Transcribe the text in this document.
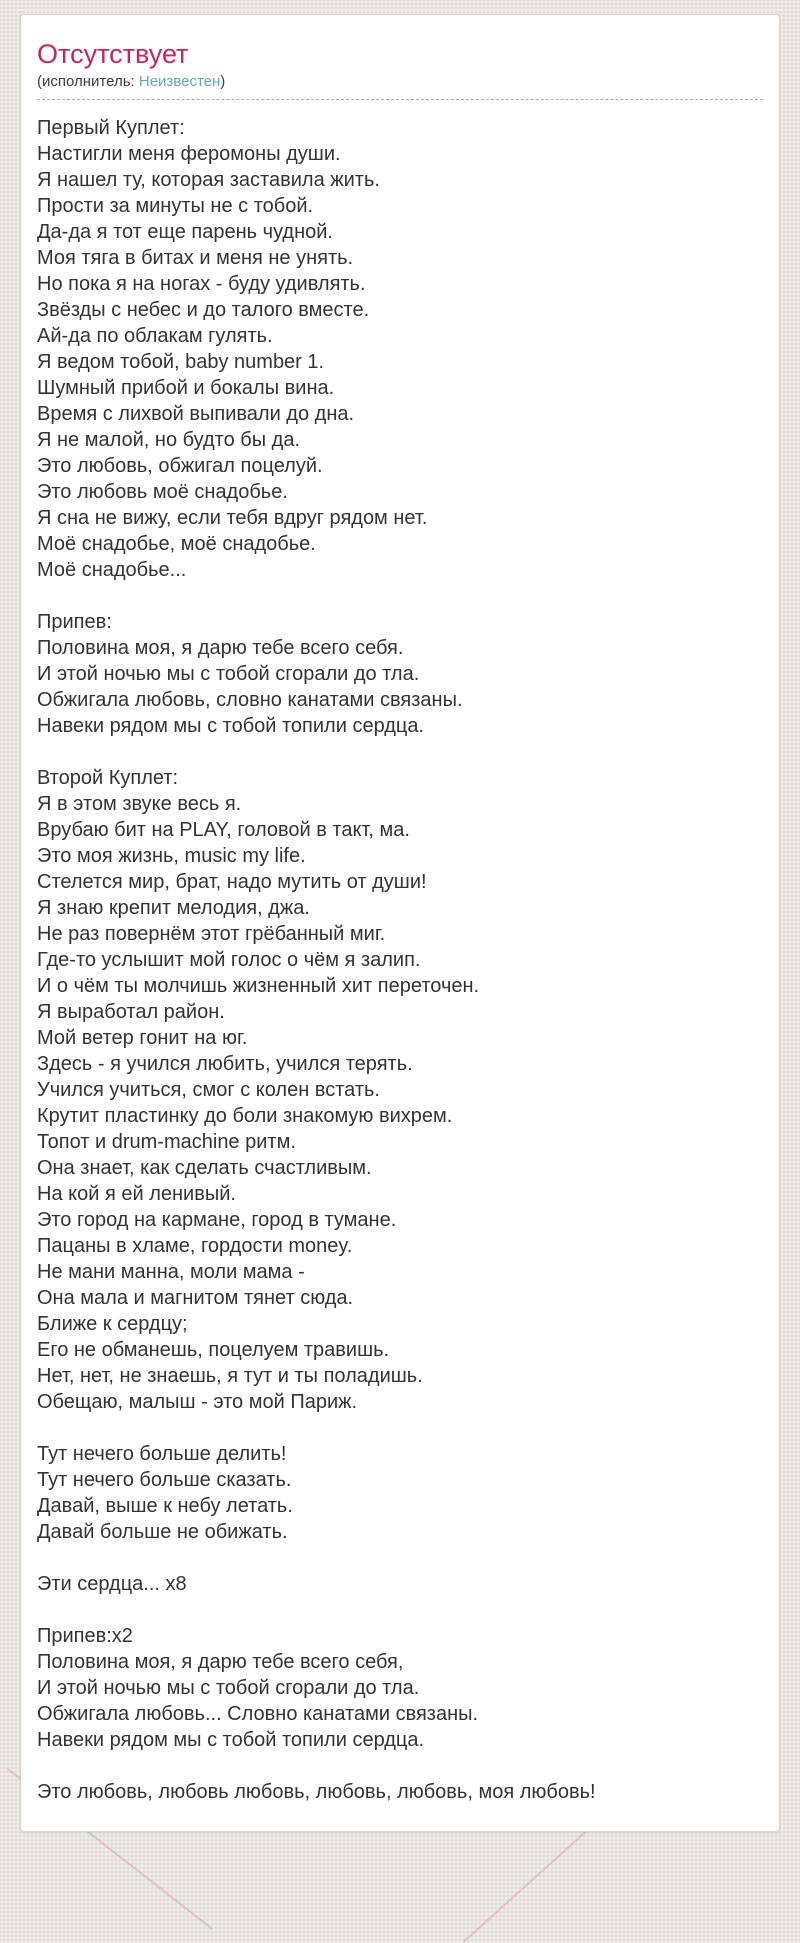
Отсутствует

(исполнитель: Неизвестен)

Первый Куплет:
Настигли меня феромоны души.
Я нашел ту, которая заставила жить.
Прости за минуты не с тобой.
Да-да я тот еще парень чудной.
Моя тяга в битах и меня не унять.
Но пока я на ногах - буду удивлять.
Звёзды с небес и до талого вместе.
Ай-да по облакам гулять.
Я ведом тобой, baby number 1.
Шумный прибой и бокалы вина.
Время с лихвой выпивали до дна.
Я не малой, но будто бы да.
Это любовь, обжигал поцелуй.
Это любовь моё снадобье.
Я сна не вижу, если тебя вдруг рядом нет.
Моё снадобье, моё снадобье.
Моё снадобье...

Припев:
Половина моя, я дарю тебе всего себя.
И этой ночью мы с тобой сгорали до тла.
Обжигала любовь, словно канатами связаны.
Навеки рядом мы с тобой топили сердца.

Второй Куплет:
Я в этом звуке весь я.
Врубаю бит на PLAY, головой в такт, ма.
Это моя жизнь, music my life.
Стелется мир, брат, надо мутить от души!
Я знаю крепит мелодия, джа.
Не раз повернём этот грёбанный миг.
Где-то услышит мой голос о чём я залип.
И о чём ты молчишь жизненный хит переточен.
Я выработал район.
Мой ветер гонит на юг.
Здесь - я учился любить, учился терять.
Учился учиться, смог с колен встать.
Крутит пластинку до боли знакомую вихрем.
Топот и drum-machine ритм.
Она знает, как сделать счастливым.
На кой я ей ленивый.
Это город на кармане, город в тумане.
Пацаны в хламе, гордости money.
Не мани манна, моли мама -
Она мала и магнитом тянет сюда.
Ближе к сердцу;
Его не обманешь, поцелуем травишь.
Нет, нет, не знаешь, я тут и ты поладишь.
Обещаю, малыш - это мой Париж.

Тут нечего больше делить!
Тут нечего больше сказать.
Давай, выше к небу летать.
Давай больше не обижать.

Эти сердца... x8

Припев:x2
Половина моя, я дарю тебе всего себя,
И этой ночью мы с тобой сгорали до тла.
Обжигала любовь... Словно канатами связаны.
Навеки рядом мы с тобой топили сердца.

Это любовь, любовь любовь, любовь, любовь, моя любовь!
